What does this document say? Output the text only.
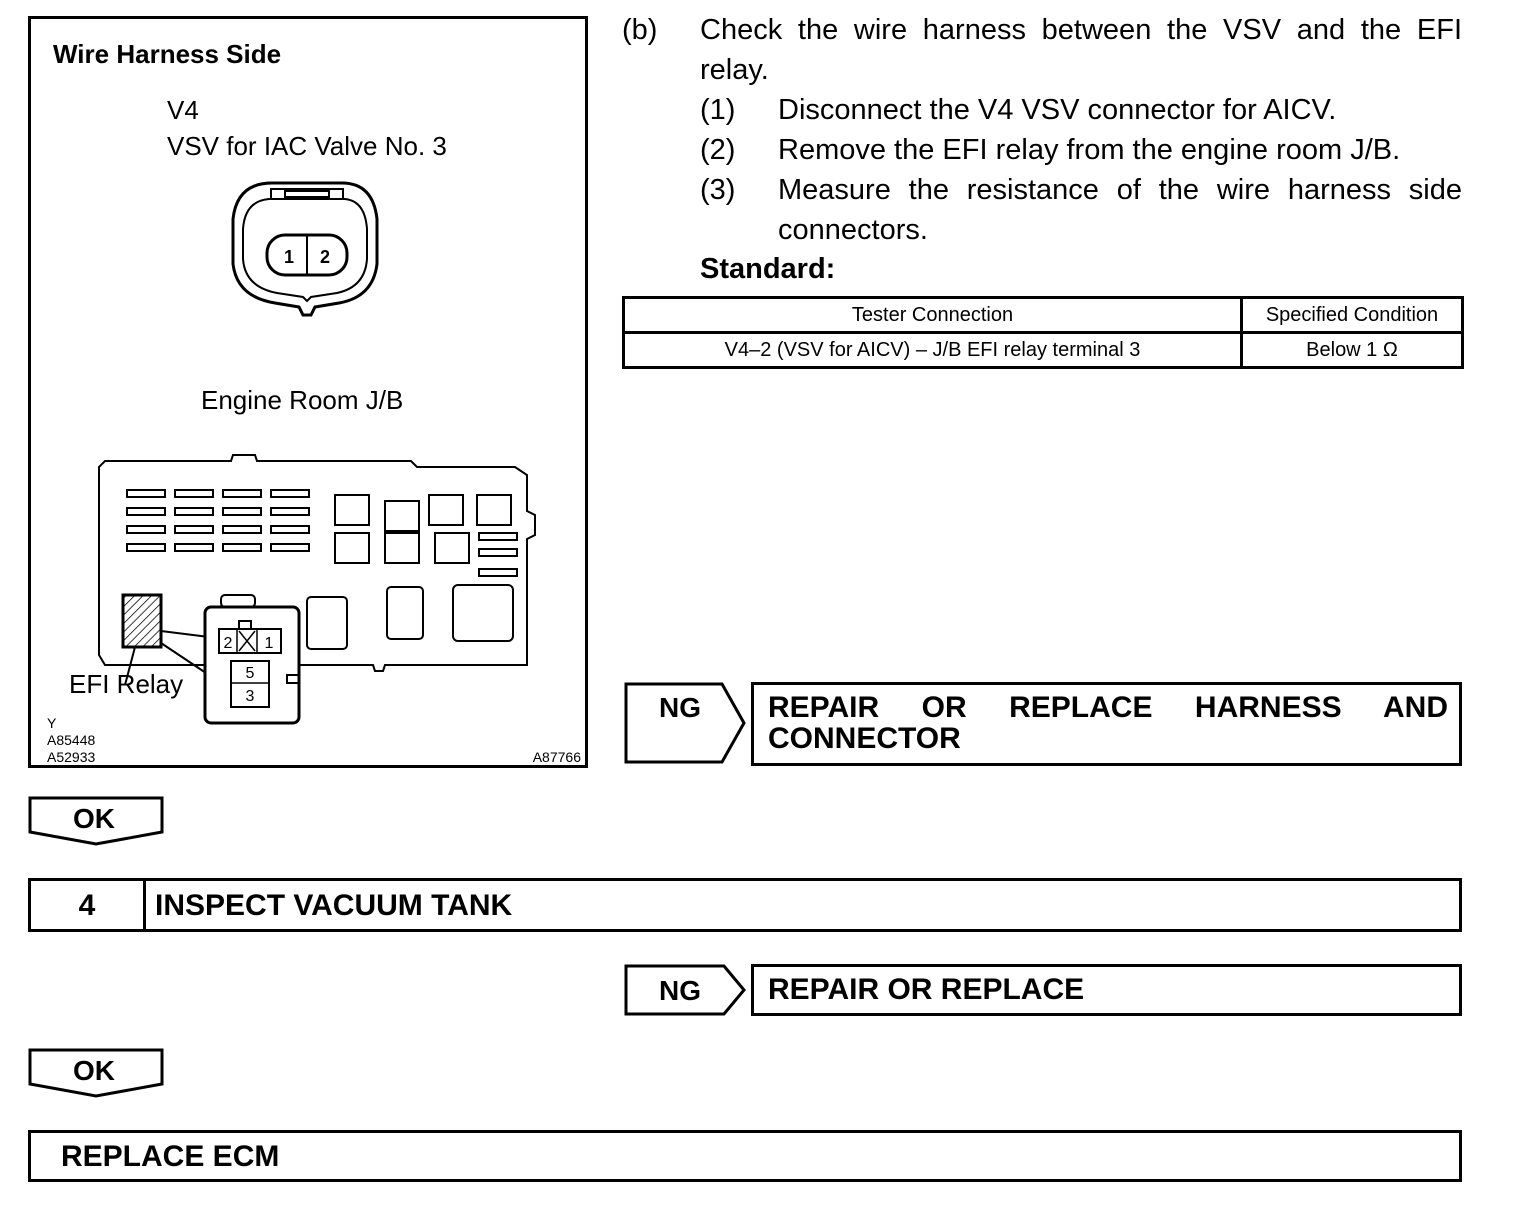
Wire Harness Side
V4
VSV for IAC Valve No. 3
1 2
Engine Room J/B
2 1
5
3
EFI Relay
Y
A85448
A52933	A87766
(b) Check the wire harness between the VSV and the EFI
relay.
(1) Disconnect the V4 VSV connector for AICV.
(2) Remove the EFI relay from the engine room J/B.
(3) Measure the resistance of the wire harness side
connectors.
Standard:
Tester Connection	Specified Condition
V4–2 (VSV for AICV) – J/B EFI relay terminal 3	Below 1 Ω
NG REPAIR OR REPLACE HARNESS AND
CONNECTOR
OK
4	INSPECT VACUUM TANK
NG REPAIR OR REPLACE
OK
REPLACE ECM
